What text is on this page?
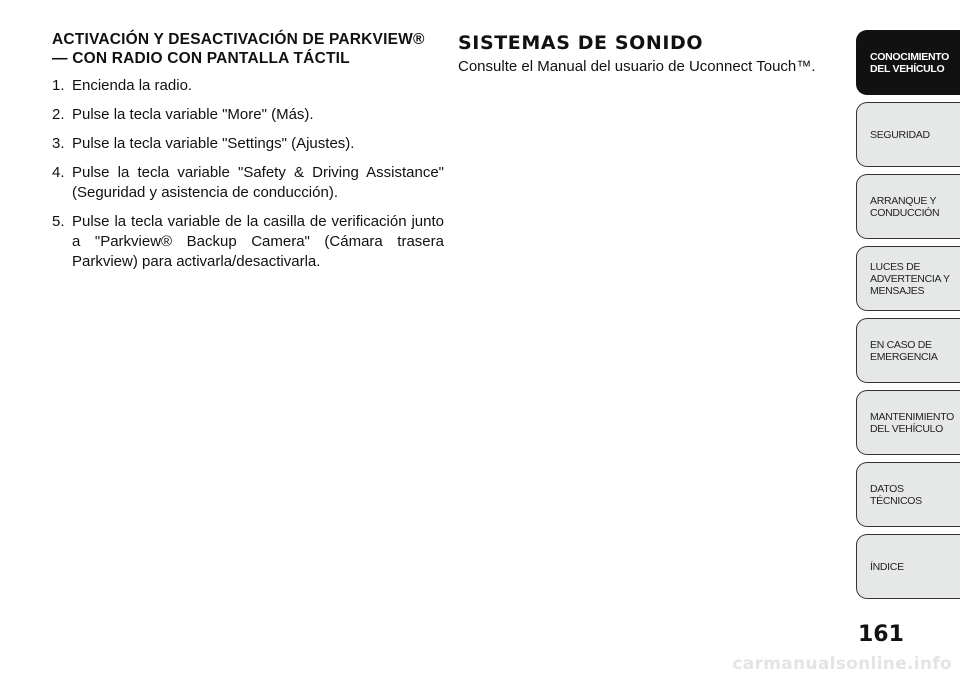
ACTIVACIÓN Y DESACTIVACIÓN DE PARKVIEW® — CON RADIO CON PANTALLA TÁCTIL
1. Encienda la radio.
2. Pulse la tecla variable "More" (Más).
3. Pulse la tecla variable "Settings" (Ajustes).
4. Pulse la tecla variable "Safety & Driving Assistance" (Seguridad y asistencia de conducción).
5. Pulse la tecla variable de la casilla de verificación junto a "Parkview® Backup Camera" (Cámara trasera Parkview) para activarla/desactivarla.
SISTEMAS DE SONIDO

Consulte el Manual del usuario de Uconnect Touch™.

CONOCIMIENTO
DEL VEHÍCULO
SEGURIDAD
ARRANQUE Y
CONDUCCIÓN
LUCES DE
ADVERTENCIA Y
MENSAJES
EN CASO DE
EMERGENCIA
MANTENIMIENTO
DEL VEHÍCULO
DATOS
TÉCNICOS
ÍNDICE
161
carmanualsonline.info
